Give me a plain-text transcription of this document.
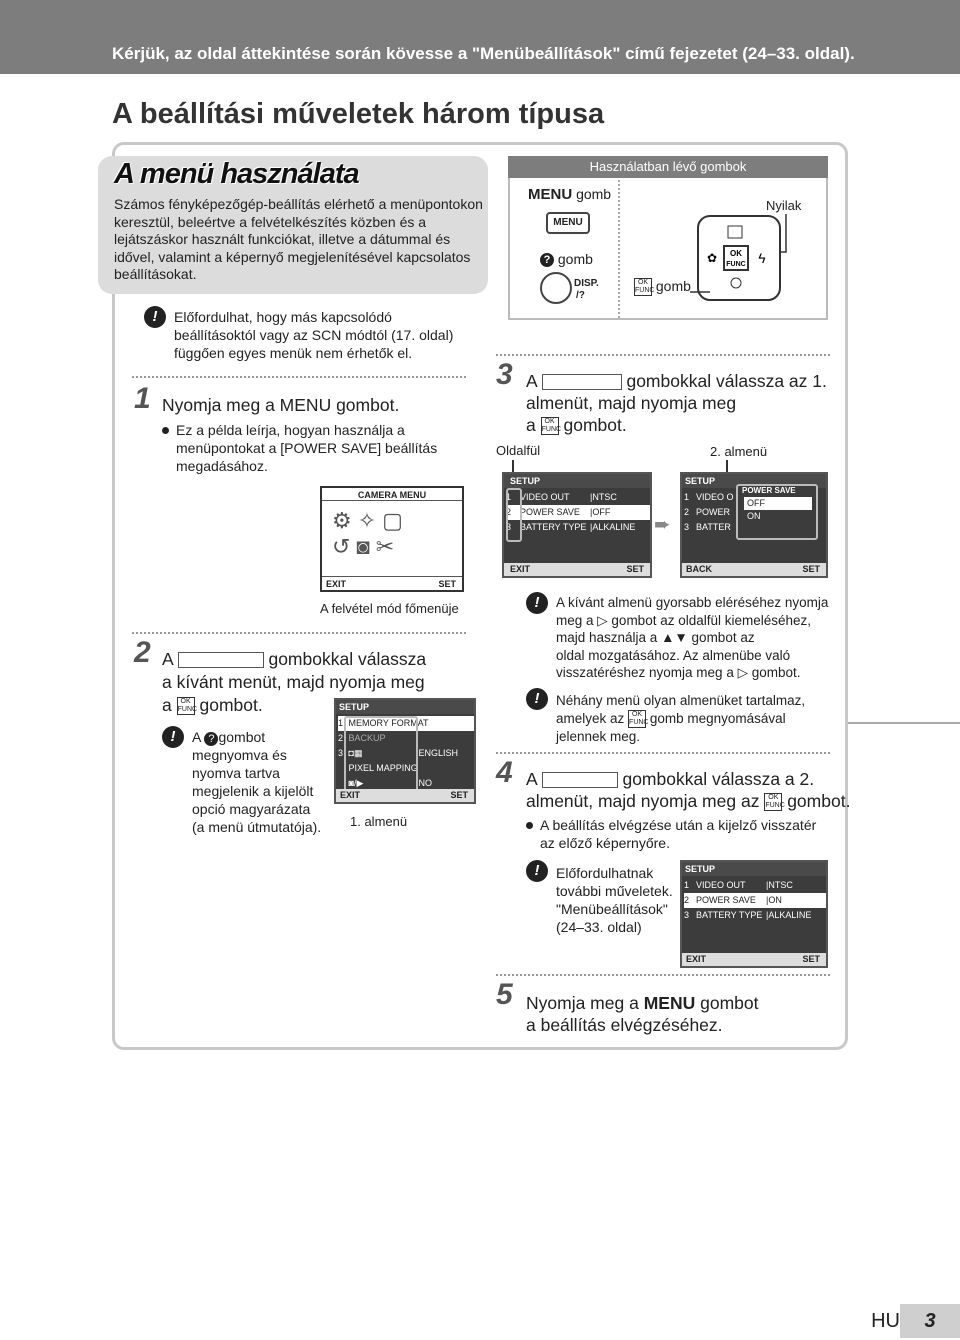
Kérjük, az oldal áttekintése során kövesse a "Menübeállítások" című fejezetet (24–33. oldal).
A beállítási műveletek három típusa
A menü használata
Számos fényképezőgép-beállítás elérhető a menüpontokon keresztül, beleértve a felvételkészítés közben és a lejátszáskor használt funkciókat, illetve a dátummal és idővel, valamint a képernyő megjelenítésével kapcsolatos beállításokat.
Használatban lévő gombok
MENU gomb
MENU
? gomb
DISP.
/?
OK
FUNC gomb
Nyilak
OK
FUNC
✿	ϟ
!	Előfordulhat, hogy más kapcsolódó beállításoktól vagy az SCN módtól (17. oldal) függően egyes menük nem érhetők el.
1 Nyomja meg a MENU gombot.
Ez a példa leírja, hogyan használja a menüpontokat a [POWER SAVE] beállítás megadásához.
CAMERA MENU
⚙✧▢
↺◙✂
EXIT	SET
A felvétel mód főmenüje
2 A	gombokkal válassza
a kívánt menüt, majd nyomja meg
a OK
FUNC gombot.
!	A ? gombot
megnyomva és
nyomva tartva
megjelenik a kijelölt
opció magyarázata
(a menü útmutatója).
SETUP
1 MEMORY FORMAT
2 BACKUP
3 ◘▦	ENGLISH
PIXEL MAPPING
◙/▶	NO
EXIT	SET
1. almenü
3 A	gombokkal válassza az 1.
almenüt, majd nyomja meg
a OK
FUNC gombot.
Oldalfül	2. almenü
SETUP
1 VIDEO OUT |NTSC
2 POWER SAVE |OFF
3 BATTERY TYPE |ALKALINE
EXIT	SET
➨
SETUP
1 VIDEO O
2 POWER
3 BATTER
POWER SAVE
OFF
ON
BACK	SET
!	A kívánt almenü gyorsabb eléréséhez nyomja
meg a ▷ gombot az oldalfül kiemeléséhez,
majd használja a ▲▼ gombot az
oldal mozgatásához. Az almenübe való
visszatéréshez nyomja meg a ▷ gombot.
!	Néhány menü olyan almenüket tartalmaz,
amelyek az OK
FUNC gomb megnyomásával
jelennek meg.
4 A	gombokkal válassza a 2.
almenüt, majd nyomja meg az OK
FUNC gombot.
A beállítás elvégzése után a kijelző visszatér az előző képernyőre.
!	Előfordulhatnak
további műveletek.
"Menübeállítások"
(24–33. oldal)
SETUP
1 VIDEO OUT |NTSC
2 POWER SAVE |ON
3 BATTERY TYPE |ALKALINE
EXIT	SET
5 Nyomja meg a MENU gombot
a beállítás elvégzéséhez.
HU	3
